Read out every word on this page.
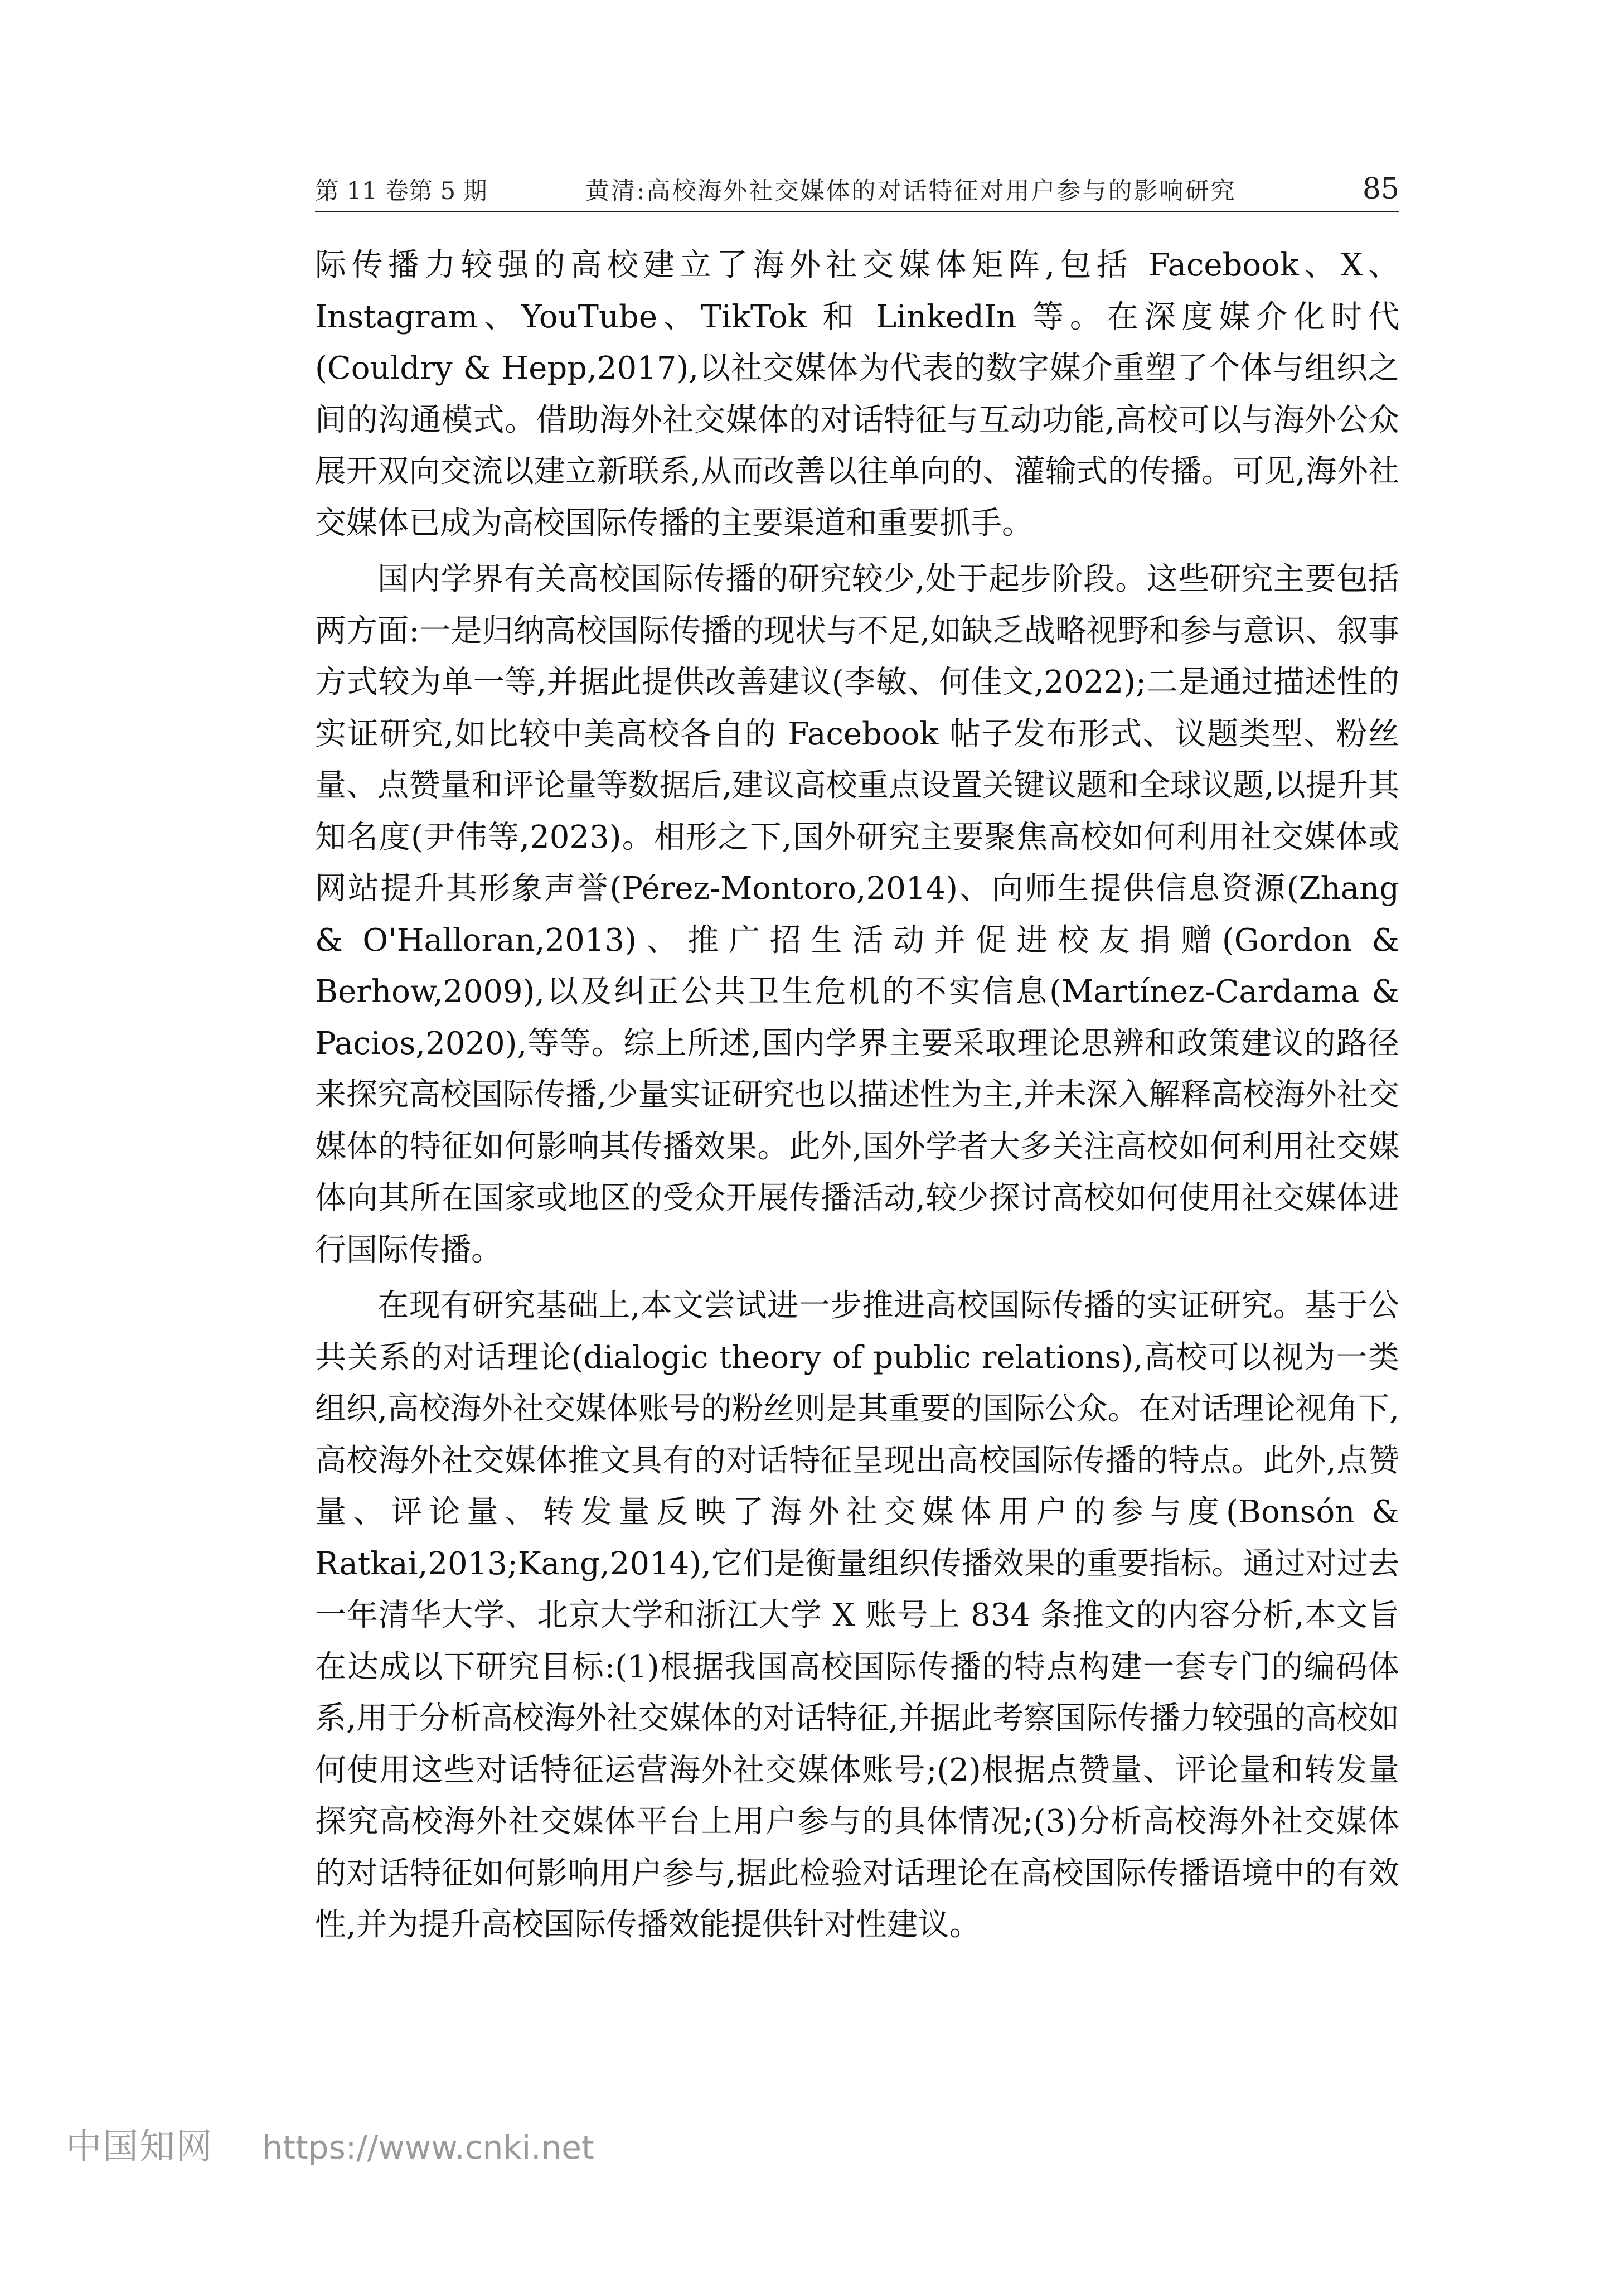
第 11 卷第 5 期	黄清:高校海外社交媒体的对话特征对用户参与的影响研究	85

际传播力较强的高校建立了海外社交媒体矩阵,包括 Facebook、X、Instagram、YouTube、TikTok 和 LinkedIn 等。在深度媒介化时代(Couldry & Hepp,2017),以社交媒体为代表的数字媒介重塑了个体与组织之间的沟通模式。借助海外社交媒体的对话特征与互动功能,高校可以与海外公众展开双向交流以建立新联系,从而改善以往单向的、灌输式的传播。可见,海外社交媒体已成为高校国际传播的主要渠道和重要抓手。

国内学界有关高校国际传播的研究较少,处于起步阶段。这些研究主要包括两方面:一是归纳高校国际传播的现状与不足,如缺乏战略视野和参与意识、叙事方式较为单一等,并据此提供改善建议(李敏、何佳文,2022);二是通过描述性的实证研究,如比较中美高校各自的 Facebook 帖子发布形式、议题类型、粉丝量、点赞量和评论量等数据后,建议高校重点设置关键议题和全球议题,以提升其知名度(尹伟等,2023)。相形之下,国外研究主要聚焦高校如何利用社交媒体或网站提升其形象声誉(Pérez-Montoro,2014)、向师生提供信息资源(Zhang & O'Halloran,2013)、推广招生活动并促进校友捐赠(Gordon & Berhow,2009),以及纠正公共卫生危机的不实信息(Martínez-Cardama & Pacios,2020),等等。综上所述,国内学界主要采取理论思辨和政策建议的路径来探究高校国际传播,少量实证研究也以描述性为主,并未深入解释高校海外社交媒体的特征如何影响其传播效果。此外,国外学者大多关注高校如何利用社交媒体向其所在国家或地区的受众开展传播活动,较少探讨高校如何使用社交媒体进行国际传播。

在现有研究基础上,本文尝试进一步推进高校国际传播的实证研究。基于公共关系的对话理论(dialogic theory of public relations),高校可以视为一类组织,高校海外社交媒体账号的粉丝则是其重要的国际公众。在对话理论视角下,高校海外社交媒体推文具有的对话特征呈现出高校国际传播的特点。此外,点赞量、评论量、转发量反映了海外社交媒体用户的参与度(Bonsón & Ratkai,2013;Kang,2014),它们是衡量组织传播效果的重要指标。通过对过去一年清华大学、北京大学和浙江大学 X 账号上 834 条推文的内容分析,本文旨在达成以下研究目标:(1)根据我国高校国际传播的特点构建一套专门的编码体系,用于分析高校海外社交媒体的对话特征,并据此考察国际传播力较强的高校如何使用这些对话特征运营海外社交媒体账号;(2)根据点赞量、评论量和转发量探究高校海外社交媒体平台上用户参与的具体情况;(3)分析高校海外社交媒体的对话特征如何影响用户参与,据此检验对话理论在高校国际传播语境中的有效性,并为提升高校国际传播效能提供针对性建议。

中国知网 https://www.cnki.net
